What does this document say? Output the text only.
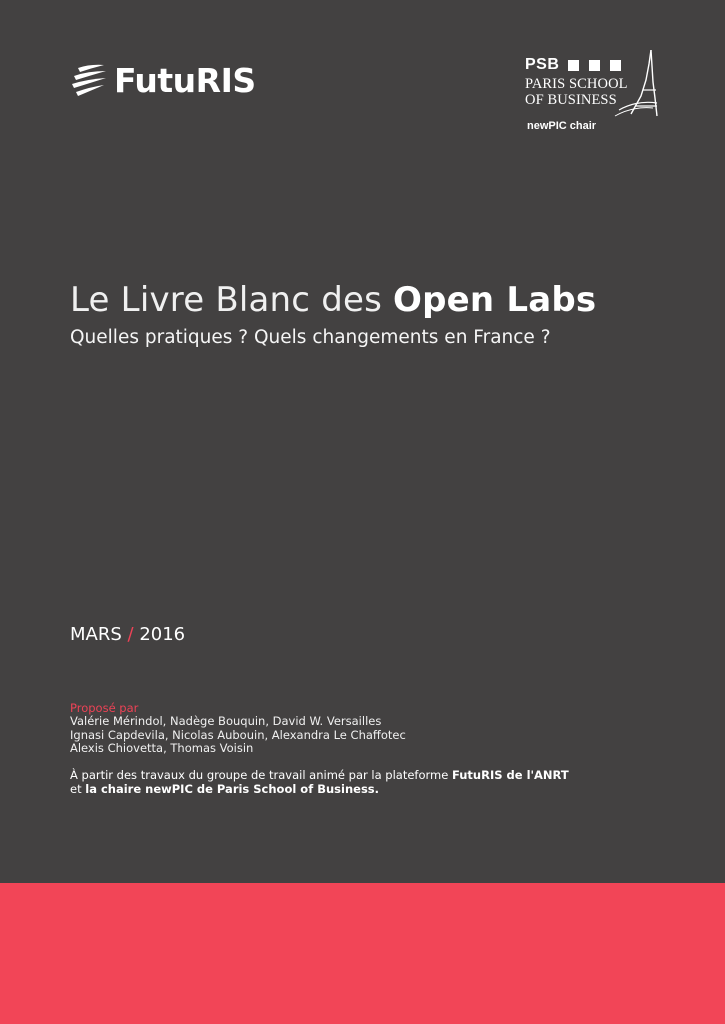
FutuRIS	PSB
PARIS SCHOOL
OF BUSINESS
newPIC chair
Le Livre Blanc des Open Labs
Quelles pratiques ? Quels changements en France ?
MARS / 2016
Proposé par
Valérie Mérindol, Nadège Bouquin, David W. Versailles
Ignasi Capdevila, Nicolas Aubouin, Alexandra Le Chaffotec
Alexis Chiovetta, Thomas Voisin
À partir des travaux du groupe de travail animé par la plateforme FutuRIS de l'ANRT
et la chaire newPIC de Paris School of Business.
